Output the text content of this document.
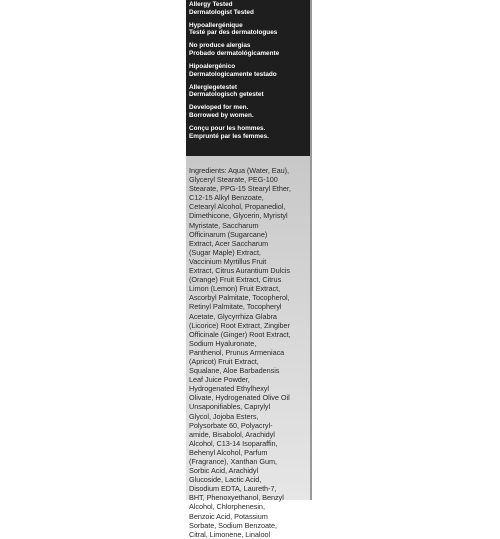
Allergy Tested
Dermatologist Tested
Hypoallergénique
Testé par des dermatologues
No produce alergias
Probado dermatológicamente
Hipoalergénico
Dermatologicamente testado
Allergiegetestet
Dermatologisch getestet
Developed for men.
Borrowed by women.
Conçu pour les hommes.
Emprunté par les femmes.
Ingredients: Aqua (Water, Eau),
Glyceryl Stearate, PEG-100
Stearate, PPG-15 Stearyl Ether,
C12-15 Alkyl Benzoate,
Cetearyl Alcohol, Propanediol,
Dimethicone, Glycerin, Myristyl
Myristate, Saccharum
Officinarum (Sugarcane)
Extract, Acer Saccharum
(Sugar Maple) Extract,
Vaccinium Myrtillus Fruit
Extract, Citrus Aurantium Dulcis
(Orange) Fruit Extract, Citrus
Limon (Lemon) Fruit Extract,
Ascorbyl Palmitate, Tocopherol,
Retinyl Palmitate, Tocopheryl
Acetate, Glycyrrhiza Glabra
(Licorice) Root Extract, Zingiber
Officinale (Ginger) Root Extract,
Sodium Hyaluronate,
Panthenol, Prunus Armeniaca
(Apricot) Fruit Extract,
Squalane, Aloe Barbadensis
Leaf Juice Powder,
Hydrogenated Ethylhexyl
Olivate, Hydrogenated Olive Oil
Unsaponifiables, Caprylyl
Glycol, Jojoba Esters,
Polysorbate 60, Polyacryl-
amide, Bisabolol, Arachidyl
Alcohol, C13-14 Isoparaffin,
Behenyl Alcohol, Parfum
(Fragrance), Xanthan Gum,
Sorbic Acid, Arachidyl
Glucoside, Lactic Acid,
Disodium EDTA, Laureth-7,
BHT, Phenoxyethanol, Benzyl
Alcohol, Chlorphenesin,
Benzoic Acid, Potassium
Sorbate, Sodium Benzoate,
Citral, Limonene, Linalool
